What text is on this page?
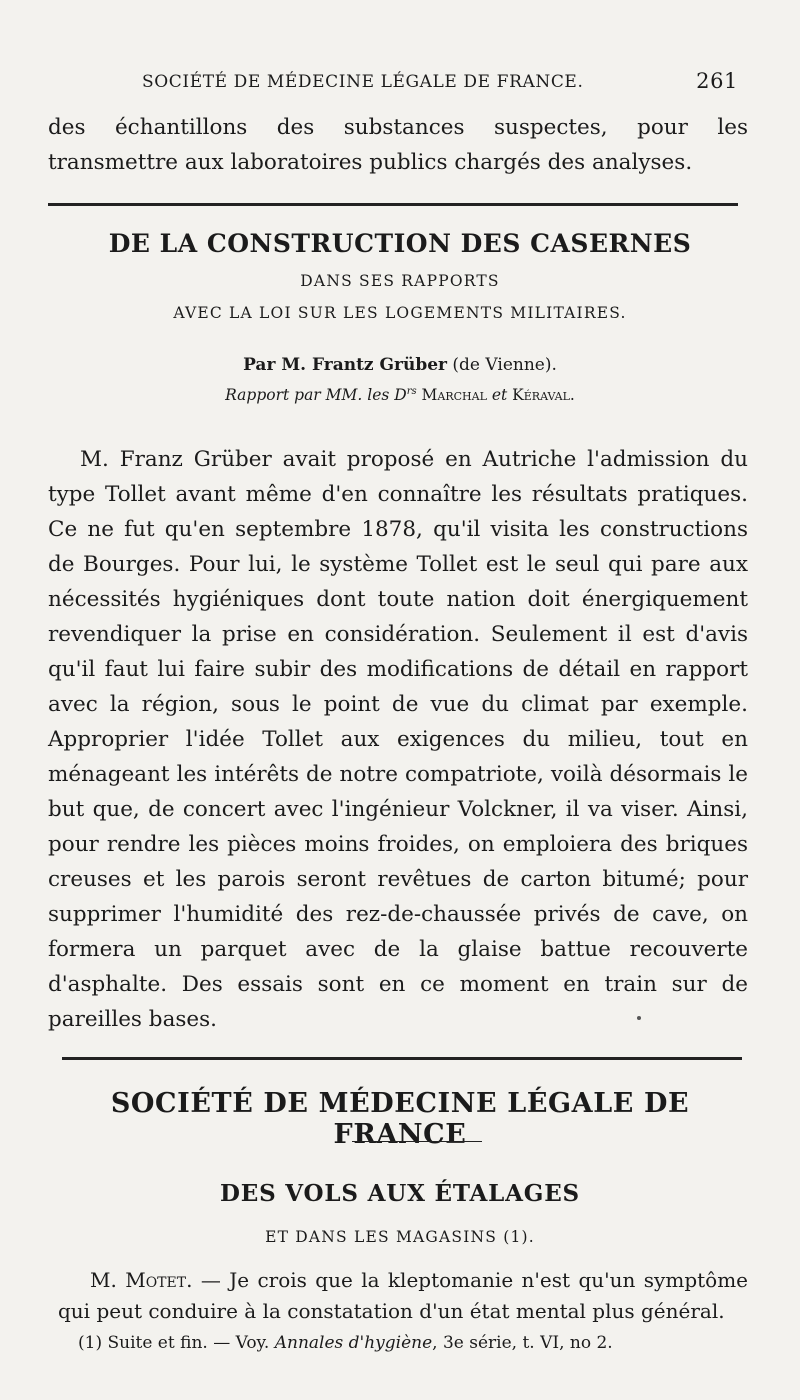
SOCIÉTÉ DE MÉDECINE LÉGALE DE FRANCE.	261

des échantillons des substances suspectes, pour les transmettre aux laboratoires publics chargés des analyses.

DE LA CONSTRUCTION DES CASERNES
DANS SES RAPPORTS
AVEC LA LOI SUR LES LOGEMENTS MILITAIRES.
Par M. Frantz Grüber (de Vienne).
Rapport par MM. les $D^{rs}$ Marchal et Kéraval.

M. Franz Grüber avait proposé en Autriche l'admission du type Tollet avant même d'en connaître les résultats pratiques. Ce ne fut qu'en septembre 1878, qu'il visita les constructions de Bourges. Pour lui, le système Tollet est le seul qui pare aux nécessités hygiéniques dont toute nation doit énergiquement revendiquer la prise en considération. Seulement il est d'avis qu'il faut lui faire subir des modifications de détail en rapport avec la région, sous le point de vue du climat par exemple. Approprier l'idée Tollet aux exigences du milieu, tout en ménageant les intérêts de notre compatriote, voilà désormais le but que, de concert avec l'ingénieur Volckner, il va viser. Ainsi, pour rendre les pièces moins froides, on emploiera des briques creuses et les parois seront revêtues de carton bitumé; pour supprimer l'humidité des rez-de-chaussée privés de cave, on formera un parquet avec de la glaise battue recouverte d'asphalte. Des essais sont en ce moment en train sur de pareilles bases.

SOCIÉTÉ DE MÉDECINE LÉGALE DE FRANCE
DES VOLS AUX ÉTALAGES
ET DANS LES MAGASINS (1).

M. Motet. — Je crois que la kleptomanie n'est qu'un symptôme qui peut conduire à la constatation d'un état mental plus général.

(1) Suite et fin. — Voy. Annales d'hygiène, 3e série, t. VI, no 2.
